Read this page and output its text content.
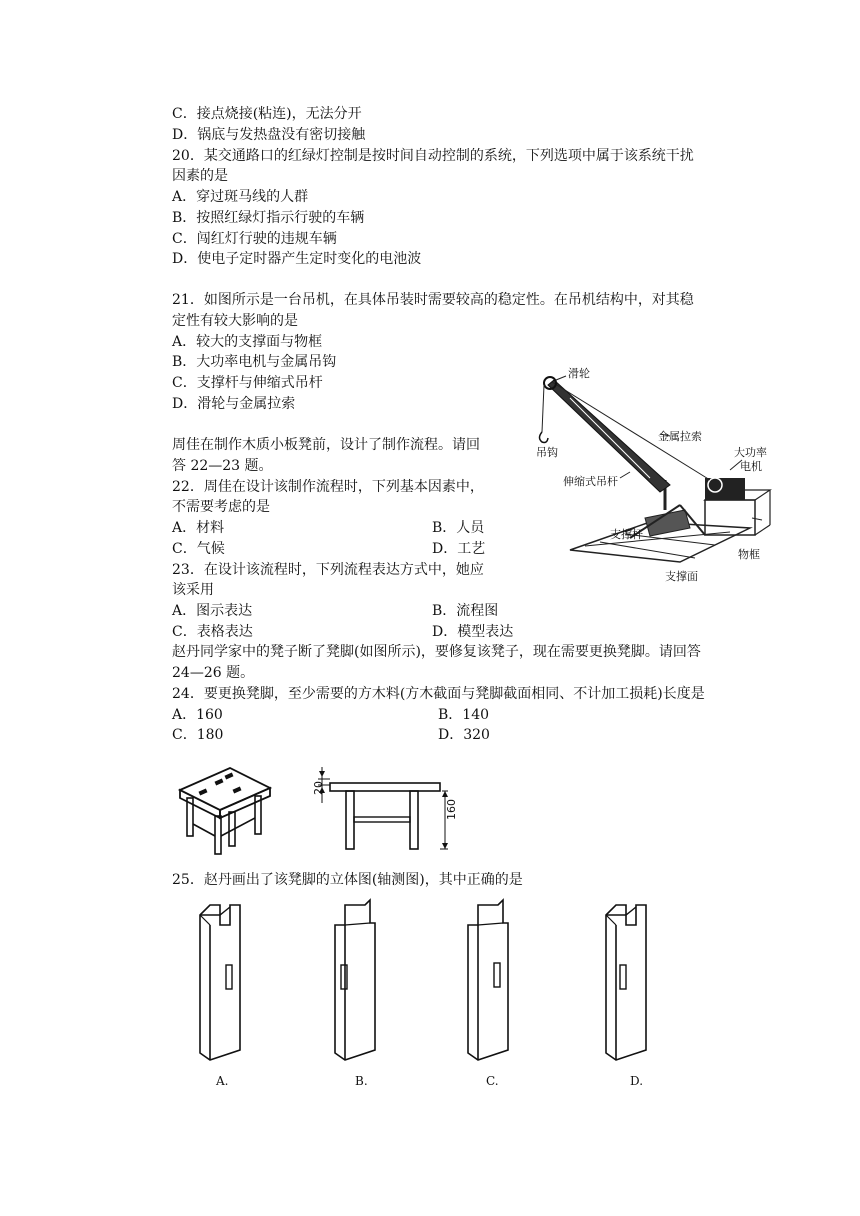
C．接点烧接(粘连)，无法分开
D．锅底与发热盘没有密切接触
20．某交通路口的红绿灯控制是按时间自动控制的系统，下列选项中属于该系统干扰
因素的是
A．穿过斑马线的人群
B．按照红绿灯指示行驶的车辆
C．闯红灯行驶的违规车辆
D．使电子定时器产生定时变化的电池波
21．如图所示是一台吊机，在具体吊装时需要较高的稳定性。在吊机结构中，对其稳
定性有较大影响的是
A．较大的支撑面与物框
B．大功率电机与金属吊钩
C．支撑杆与伸缩式吊杆
D．滑轮与金属拉索
周佳在制作木质小板凳前，设计了制作流程。请回
答 22—23 题。
22．周佳在设计该制作流程时，下列基本因素中，
不需要考虑的是
A．材料	B．人员
C．气候	D．工艺
23．在设计该流程时，下列流程表达方式中，她应
该采用
A．图示表达	B．流程图
C．表格表达	D．模型表达
赵丹同学家中的凳子断了凳脚(如图所示)，要修复该凳子，现在需要更换凳脚。请回答
24—26 题。
24．要更换凳脚，至少需要的方木料(方木截面与凳脚截面相同、不计加工损耗)长度是
A．160	B．140
C．180	D．320
25．赵丹画出了该凳脚的立体图(轴测图)，其中正确的是
滑轮
金属拉索
大功率
电机
吊钩
伸缩式吊杆
支撑杆
物框
支撑面
20
160
A.	B.	C.	D.
